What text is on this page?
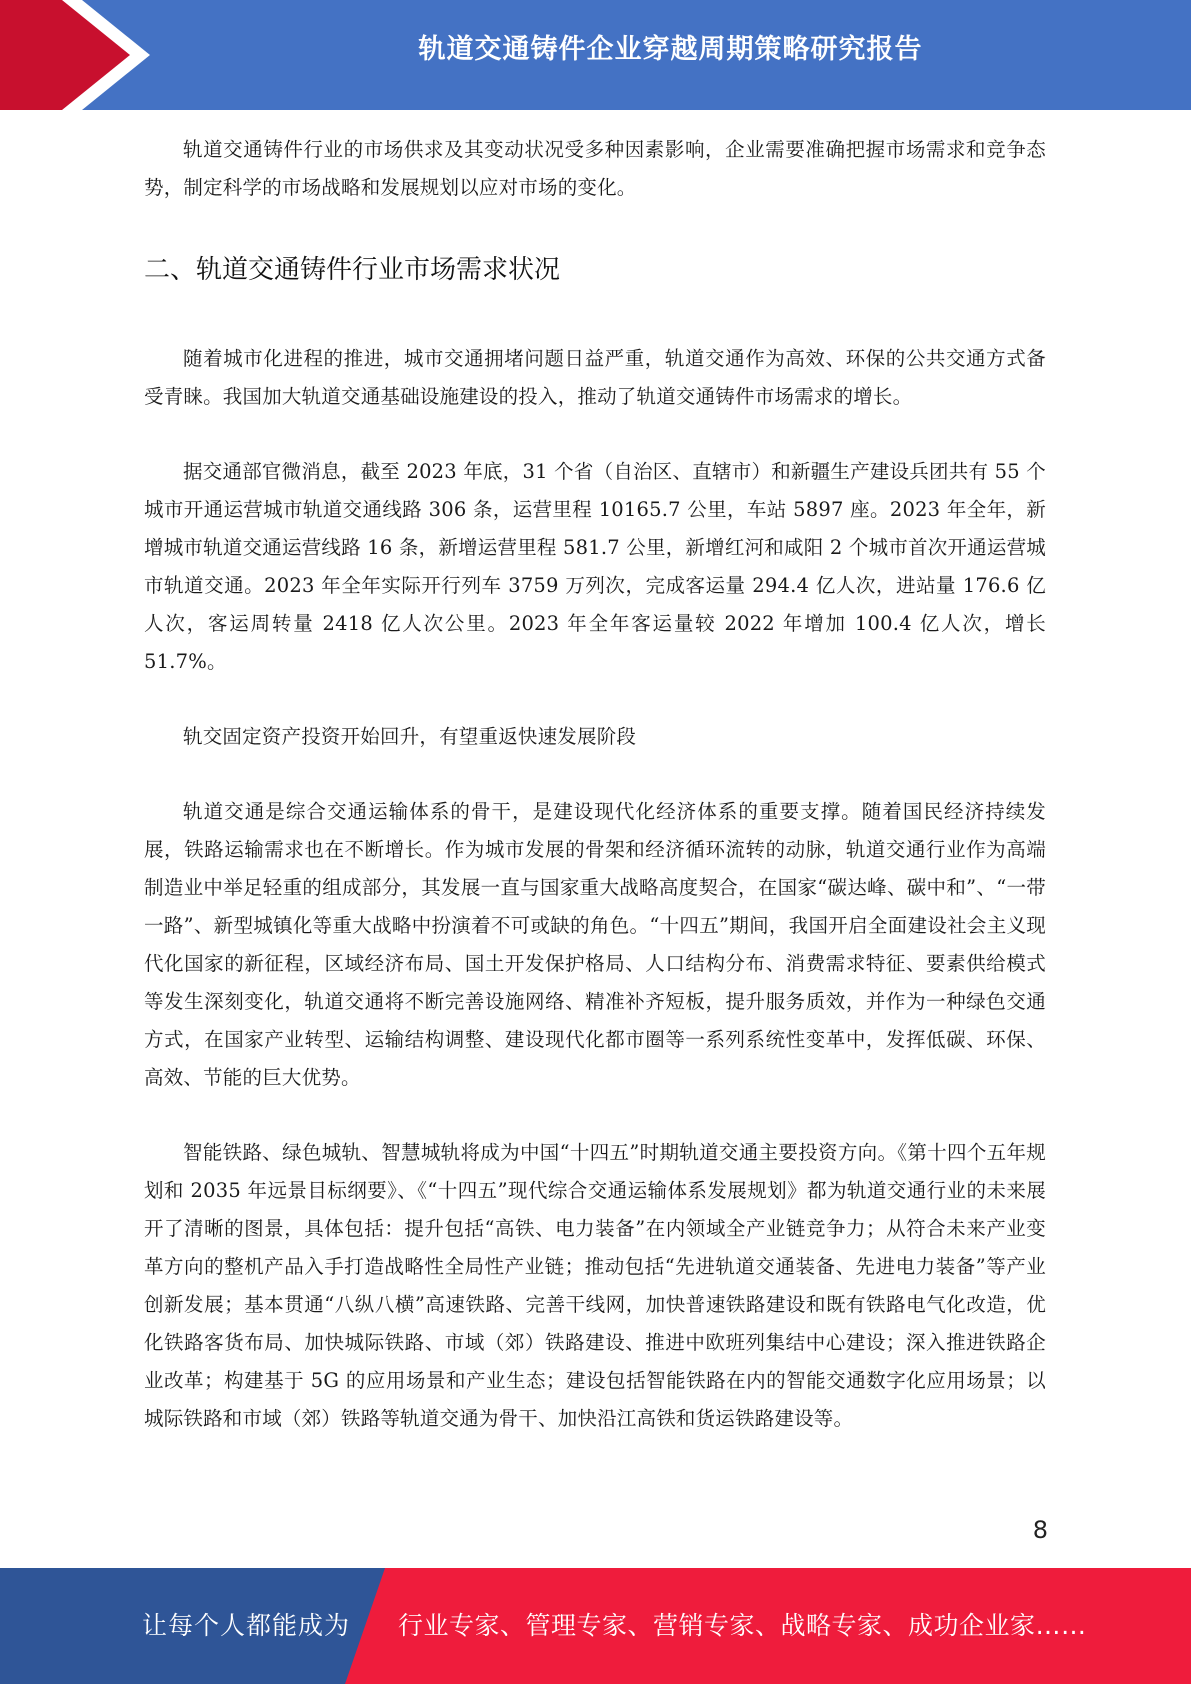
轨道交通铸件企业穿越周期策略研究报告

轨道交通铸件行业的市场供求及其变动状况受多种因素影响，企业需要准确把握市场需求和竞争态势，制定科学的市场战略和发展规划以应对市场的变化。

二、轨道交通铸件行业市场需求状况

随着城市化进程的推进，城市交通拥堵问题日益严重，轨道交通作为高效、环保的公共交通方式备受青睐。我国加大轨道交通基础设施建设的投入，推动了轨道交通铸件市场需求的增长。

据交通部官微消息，截至 2023 年底，31 个省（自治区、直辖市）和新疆生产建设兵团共有 55 个城市开通运营城市轨道交通线路 306 条，运营里程 10165.7 公里，车站 5897 座。2023 年全年，新增城市轨道交通运营线路 16 条，新增运营里程 581.7 公里，新增红河和咸阳 2 个城市首次开通运营城市轨道交通。2023 年全年实际开行列车 3759 万列次，完成客运量 294.4 亿人次，进站量 176.6 亿人次，客运周转量 2418 亿人次公里。2023 年全年客运量较 2022 年增加 100.4 亿人次，增长 51.7%。

轨交固定资产投资开始回升，有望重返快速发展阶段

轨道交通是综合交通运输体系的骨干，是建设现代化经济体系的重要支撑。随着国民经济持续发展，铁路运输需求也在不断增长。作为城市发展的骨架和经济循环流转的动脉，轨道交通行业作为高端制造业中举足轻重的组成部分，其发展一直与国家重大战略高度契合，在国家“碳达峰、碳中和”、“一带一路”、新型城镇化等重大战略中扮演着不可或缺的角色。“十四五”期间，我国开启全面建设社会主义现代化国家的新征程，区域经济布局、国土开发保护格局、人口结构分布、消费需求特征、要素供给模式等发生深刻变化，轨道交通将不断完善设施网络、精准补齐短板，提升服务质效，并作为一种绿色交通方式，在国家产业转型、运输结构调整、建设现代化都市圈等一系列系统性变革中，发挥低碳、环保、高效、节能的巨大优势。

智能铁路、绿色城轨、智慧城轨将成为中国“十四五”时期轨道交通主要投资方向。《第十四个五年规划和 2035 年远景目标纲要》、《“十四五”现代综合交通运输体系发展规划》都为轨道交通行业的未来展开了清晰的图景，具体包括：提升包括“高铁、电力装备”在内领域全产业链竞争力；从符合未来产业变革方向的整机产品入手打造战略性全局性产业链；推动包括“先进轨道交通装备、先进电力装备”等产业创新发展；基本贯通“八纵八横”高速铁路、完善干线网，加快普速铁路建设和既有铁路电气化改造，优化铁路客货布局、加快城际铁路、市域（郊）铁路建设、推进中欧班列集结中心建设；深入推进铁路企业改革；构建基于 5G 的应用场景和产业生态；建设包括智能铁路在内的智能交通数字化应用场景；以城际铁路和市域（郊）铁路等轨道交通为骨干、加快沿江高铁和货运铁路建设等。

8
让每个人都能成为 行业专家、管理专家、营销专家、战略专家、成功企业家……
